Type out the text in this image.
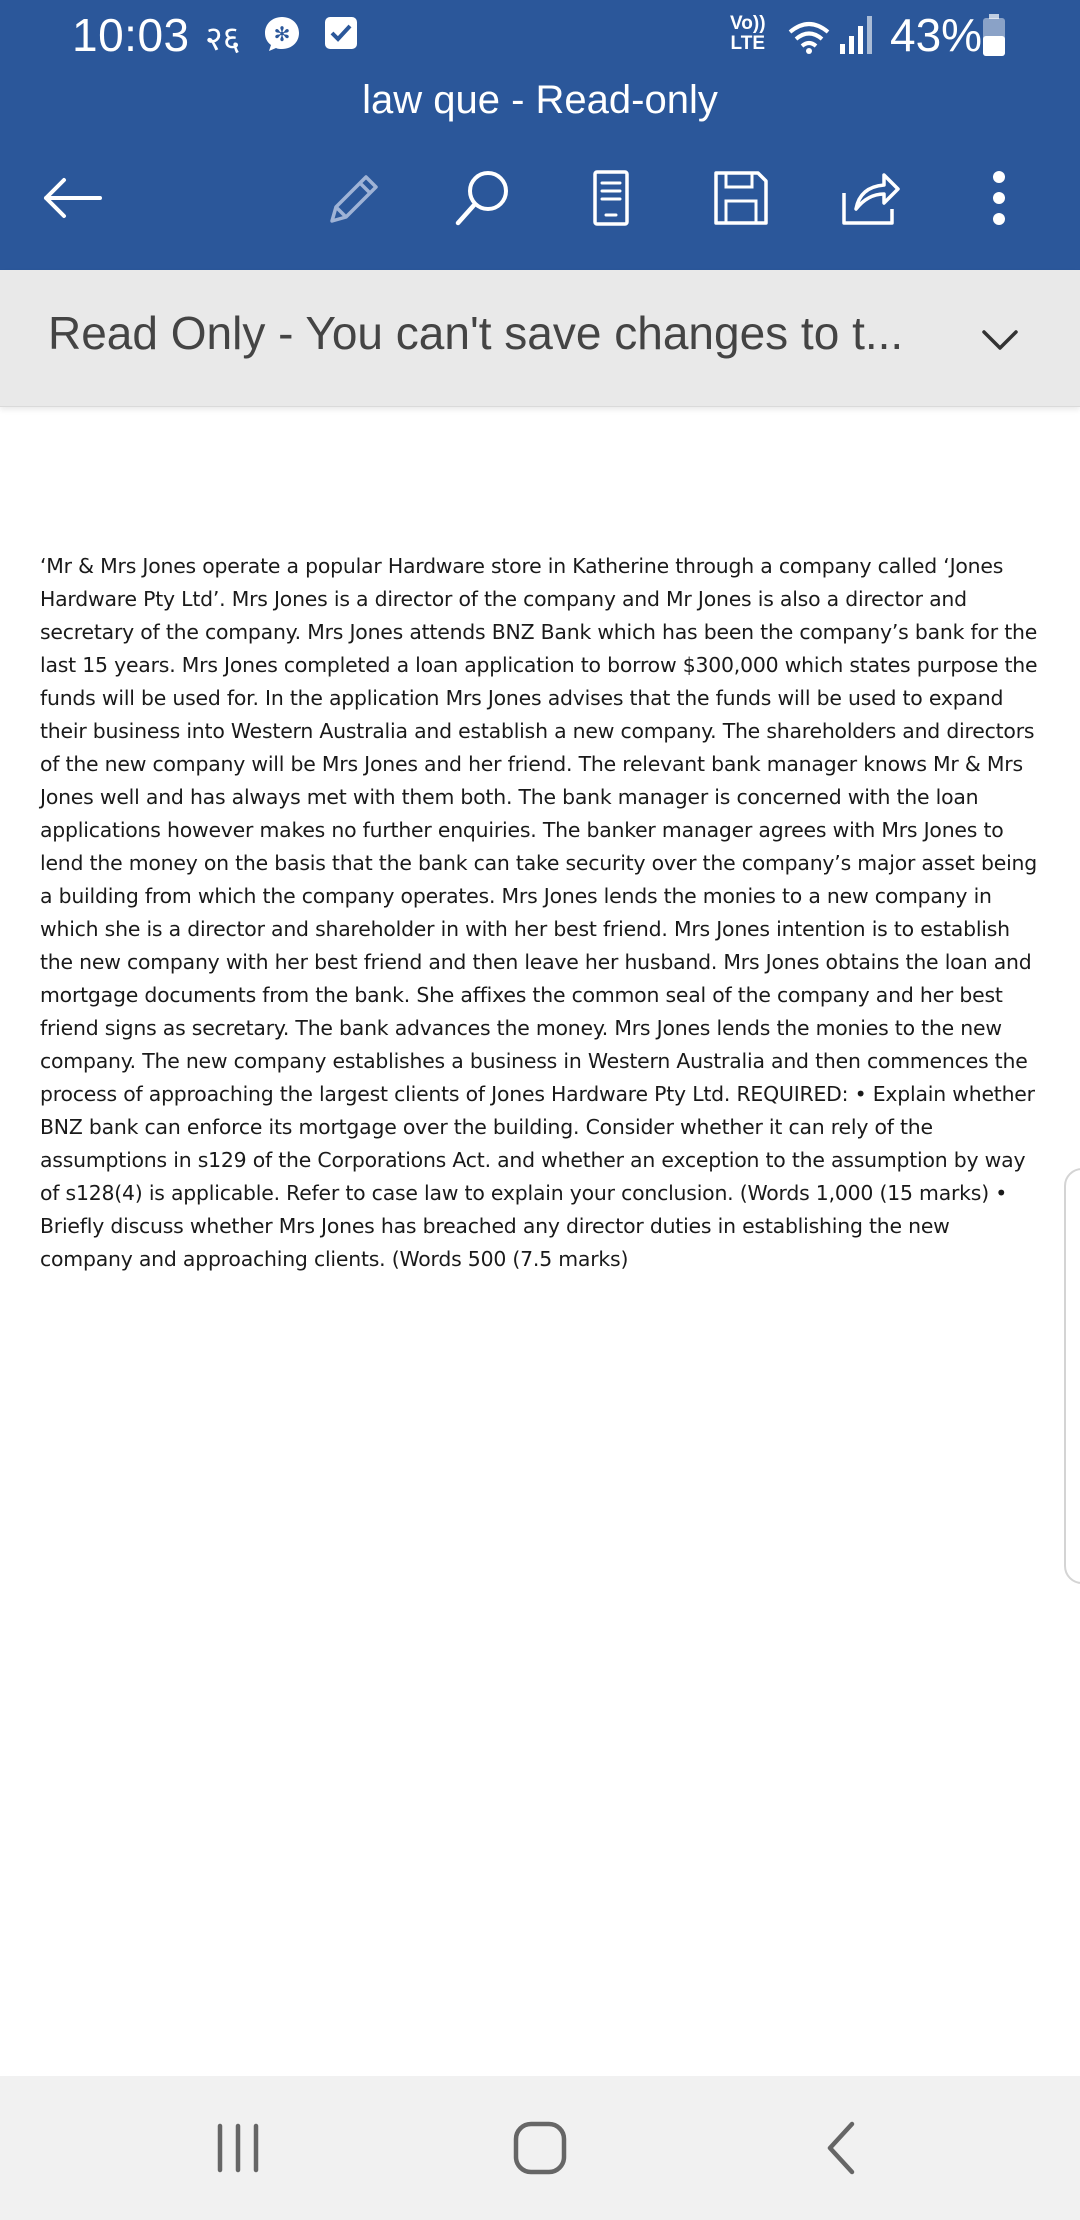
10:03 २६ ✻	Vo))
LTE	43%
law que - Read-only
Read Only - You can't save changes to t...
‘Mr & Mrs Jones operate a popular Hardware store in Katherine through a company called ‘Jones Hardware Pty Ltd’. Mrs Jones is a director of the company and Mr Jones is also a director and secretary of the company. Mrs Jones attends BNZ Bank which has been the company’s bank for the last 15 years. Mrs Jones completed a loan application to borrow $300,000 which states purpose the funds will be used for. In the application Mrs Jones advises that the funds will be used to expand their business into Western Australia and establish a new company. The shareholders and directors of the new company will be Mrs Jones and her friend. The relevant bank manager knows Mr & Mrs Jones well and has always met with them both. The bank manager is concerned with the loan applications however makes no further enquiries. The banker manager agrees with Mrs Jones to lend the money on the basis that the bank can take security over the company’s major asset being a building from which the company operates. Mrs Jones lends the monies to a new company in which she is a director and shareholder in with her best friend. Mrs Jones intention is to establish the new company with her best friend and then leave her husband. Mrs Jones obtains the loan and mortgage documents from the bank. She affixes the common seal of the company and her best friend signs as secretary. The bank advances the money. Mrs Jones lends the monies to the new company. The new company establishes a business in Western Australia and then commences the process of approaching the largest clients of Jones Hardware Pty Ltd. REQUIRED: • Explain whether BNZ bank can enforce its mortgage over the building. Consider whether it can rely of the assumptions in s129 of the Corporations Act. and whether an exception to the assumption by way of s128(4) is applicable. Refer to case law to explain your conclusion. (Words 1,000 (15 marks) • Briefly discuss whether Mrs Jones has breached any director duties in establishing the new company and approaching clients. (Words 500 (7.5 marks)
